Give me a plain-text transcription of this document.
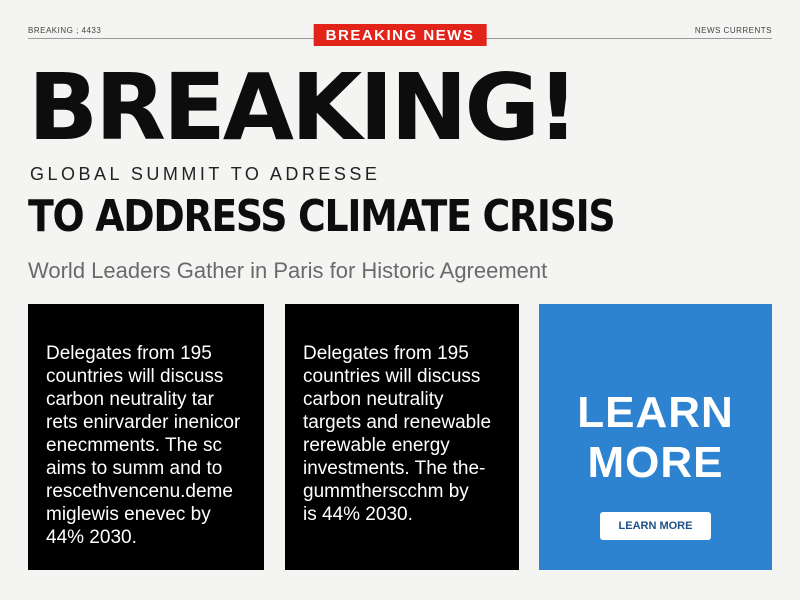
BREAKING ; 4433	BREAKING NEWS	NEWS CURRENTS
BREAKING!
GLOBAL SUMMIT TO ADRESSE
TO ADDRESS CLIMATE CRISIS
World Leaders Gather in Paris for Historic Agreement
Delegates from 195
countries will discuss
carbon neutrality tar
rets enirvarder inenicor
enecmments. The sc
aims to summ and to
rescethvencenu.deme
miglewis enevec by
44% 2030.
Delegates from 195
countries will discuss
carbon neutrality
targets and renewable
rerewable energy
investments. The the-
gummtherscchm by
is 44% 2030.
LEARN
MORE
LEARN MORE
